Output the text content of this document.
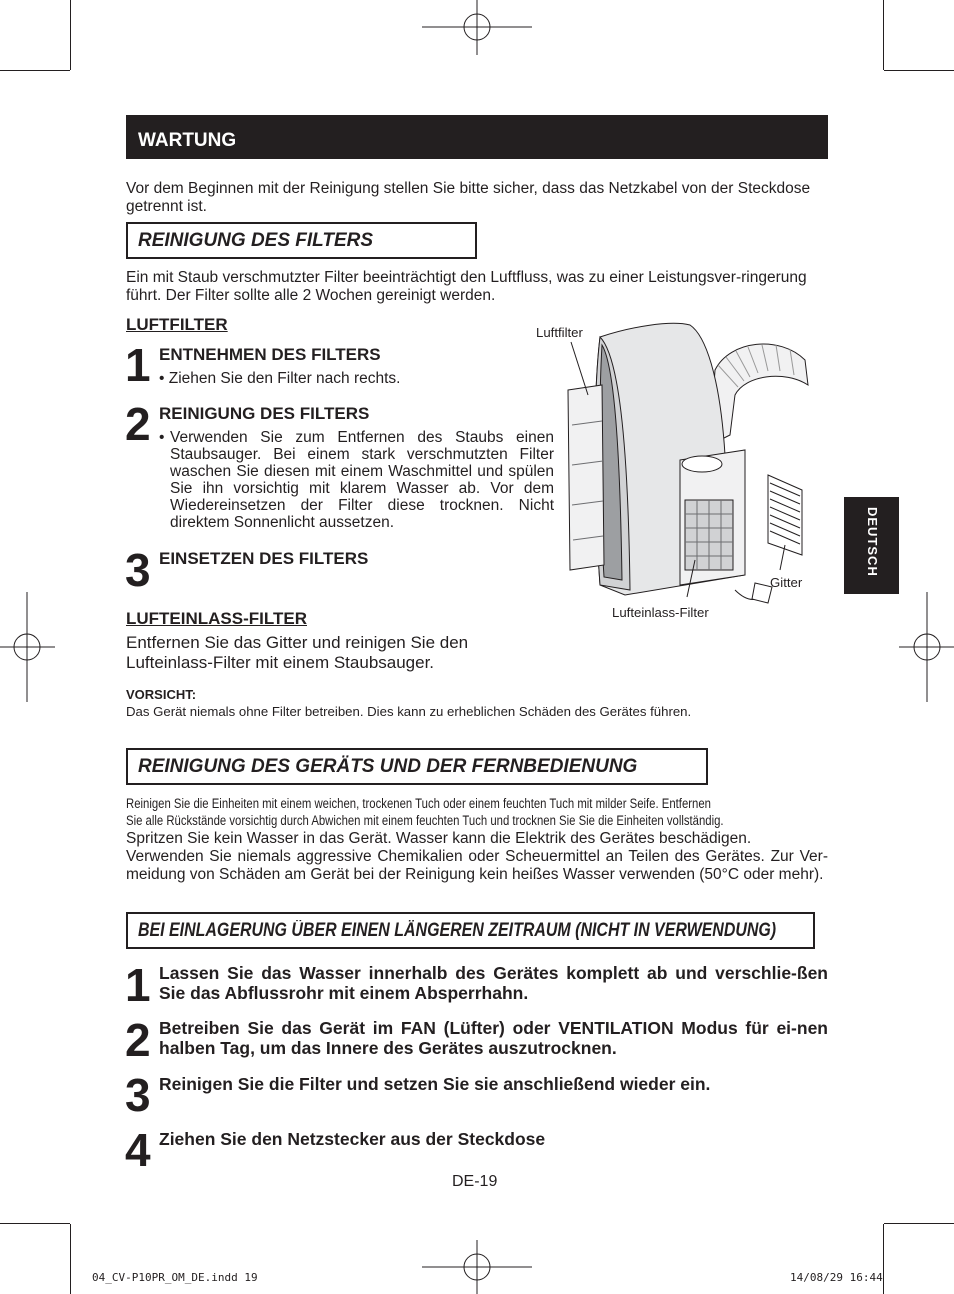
WARTUNG
Vor dem Beginnen mit der Reinigung stellen Sie bitte sicher, dass das Netzkabel von der Steckdose getrennt ist.
REINIGUNG DES FILTERS
Ein mit Staub verschmutzter Filter beeinträchtigt den Luftfluss, was zu einer Leistungsver-ringerung führt. Der Filter sollte alle 2 Wochen gereinigt werden.
LUFTFILTER
1 ENTNEHMEN DES FILTERS
• Ziehen Sie den Filter nach rechts.
2 REINIGUNG DES FILTERS
• Verwenden Sie zum Entfernen des Staubs einen Staubsauger. Bei einem stark verschmutzten Filter waschen Sie diesen mit einem Waschmittel und spülen Sie ihn vorsichtig mit klarem Wasser ab. Vor dem Wiedereinsetzen der Filter diese trocknen. Nicht direktem Sonnenlicht aussetzen.
3 EINSETZEN DES FILTERS
LUFTEINLASS-FILTER
Entfernen Sie das Gitter und reinigen Sie den
Lufteinlass-Filter mit einem Staubsauger.
VORSICHT:
Das Gerät niemals ohne Filter betreiben. Dies kann zu erheblichen Schäden des Gerätes führen.
Luftfilter
Gitter
Lufteinlass-Filter
DEUTSCH
REINIGUNG DES GERÄTS UND DER FERNBEDIENUNG
Reinigen Sie die Einheiten mit einem weichen, trockenen Tuch oder einem feuchten Tuch mit milder Seife. Entfernen
Sie alle Rückstände vorsichtig durch Abwichen mit einem feuchten Tuch und trocknen Sie Sie die Einheiten vollständig.
Spritzen Sie kein Wasser in das Gerät. Wasser kann die Elektrik des Gerätes beschädigen.
Verwenden Sie niemals aggressive Chemikalien oder Scheuermittel an Teilen des Gerätes. Zur Ver-meidung von Schäden am Gerät bei der Reinigung kein heißes Wasser verwenden (50°C oder mehr).
BEI EINLAGERUNG ÜBER EINEN LÄNGEREN ZEITRAUM (NICHT IN VERWENDUNG)
1 Lassen Sie das Wasser innerhalb des Gerätes komplett ab und verschlie-ßen Sie das Abflussrohr mit einem Absperrhahn.
2 Betreiben Sie das Gerät im FAN (Lüfter) oder VENTILATION Modus für ei-nen halben Tag, um das Innere des Gerätes auszutrocknen.
3 Reinigen Sie die Filter und setzen Sie sie anschließend wieder ein.
4 Ziehen Sie den Netzstecker aus der Steckdose
DE-19
04_CV-P10PR_OM_DE.indd 19	14/08/29 16:44
